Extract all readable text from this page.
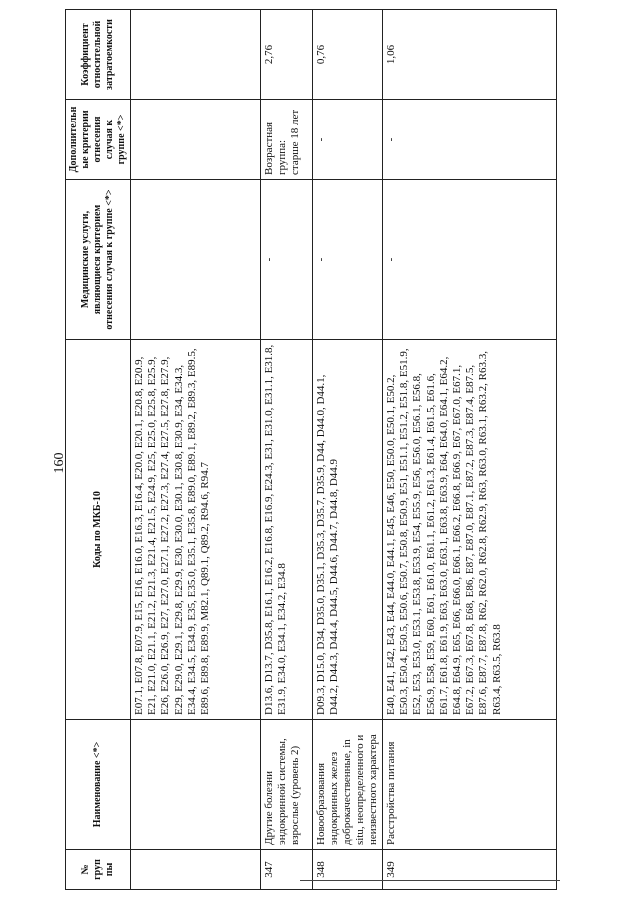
160
№ груп пы	Наименование <*>	Коды по МКБ-10	Медицинские услуги, являющиеся критерием отнесения случая к группе <*>	Дополнительн ые критерии отнесения случая к группе <*>	Коэффициент относительной затратоемкости
		E07.1, E07.8, E07.9, E15, E16, E16.0, E16.3, E16.4, E20.0, E20.1, E20.8, E20.9, E21, E21.0, E21.1, E21.2, E21.3, E21.4, E21.5, E24.9, E25, E25.0, E25.8, E25.9, E26, E26.0, E26.9, E27, E27.0, E27.1, E27.2, E27.3, E27.4, E27.5, E27.8, E27.9, E29, E29.0, E29.1, E29.8, E29.9, E30, E30.0, E30.1, E30.8, E30.9, E34, E34.3, E34.4, E34.5, E34.9, E35, E35.0, E35.1, E35.8, E89.0, E89.1, E89.2, E89.3, E89.5, E89.6, E89.8, E89.9, M82.1, Q89.1, Q89.2, R94.6, R94.7			
347	Другие болезни эндокринной системы, взрослые (уровень 2)	D13.6, D13.7, D35.8, E16.1, E16.2, E16.8, E16.9, E24.3, E31, E31.0, E31.1, E31.8, E31.9, E34.0, E34.1, E34.2, E34.8	-	Возрастная группа: старше 18 лет	2,76
348	Новообразования эндокринных желез доброкачественные, in situ, неопределенного и неизвестного характера	D09.3, D15.0, D34, D35.0, D35.1, D35.3, D35.7, D35.9, D44, D44.0, D44.1, D44.2, D44.3, D44.4, D44.5, D44.6, D44.7, D44.8, D44.9	-	-	0,76
349	Расстройства питания	E40, E41, E42, E43, E44, E44.0, E44.1, E45, E46, E50, E50.0, E50.1, E50.2, E50.3, E50.4, E50.5, E50.6, E50.7, E50.8, E50.9, E51, E51.1, E51.2, E51.8, E51.9, E52, E53, E53.0, E53.1, E53.8, E53.9, E54, E55.9, E56, E56.0, E56.1, E56.8, E56.9, E58, E59, E60, E61, E61.0, E61.1, E61.2, E61.3, E61.4, E61.5, E61.6, E61.7, E61.8, E61.9, E63, E63.0, E63.1, E63.8, E63.9, E64, E64.0, E64.1, E64.2, E64.8, E64.9, E65, E66, E66.0, E66.1, E66.2, E66.8, E66.9, E67, E67.0, E67.1, E67.2, E67.3, E67.8, E68, E86, E87, E87.0, E87.1, E87.2, E87.3, E87.4, E87.5, E87.6, E87.7, E87.8, R62, R62.0, R62.8, R62.9, R63, R63.0, R63.1, R63.2, R63.3, R63.4, R63.5, R63.8	-	-	1,06
